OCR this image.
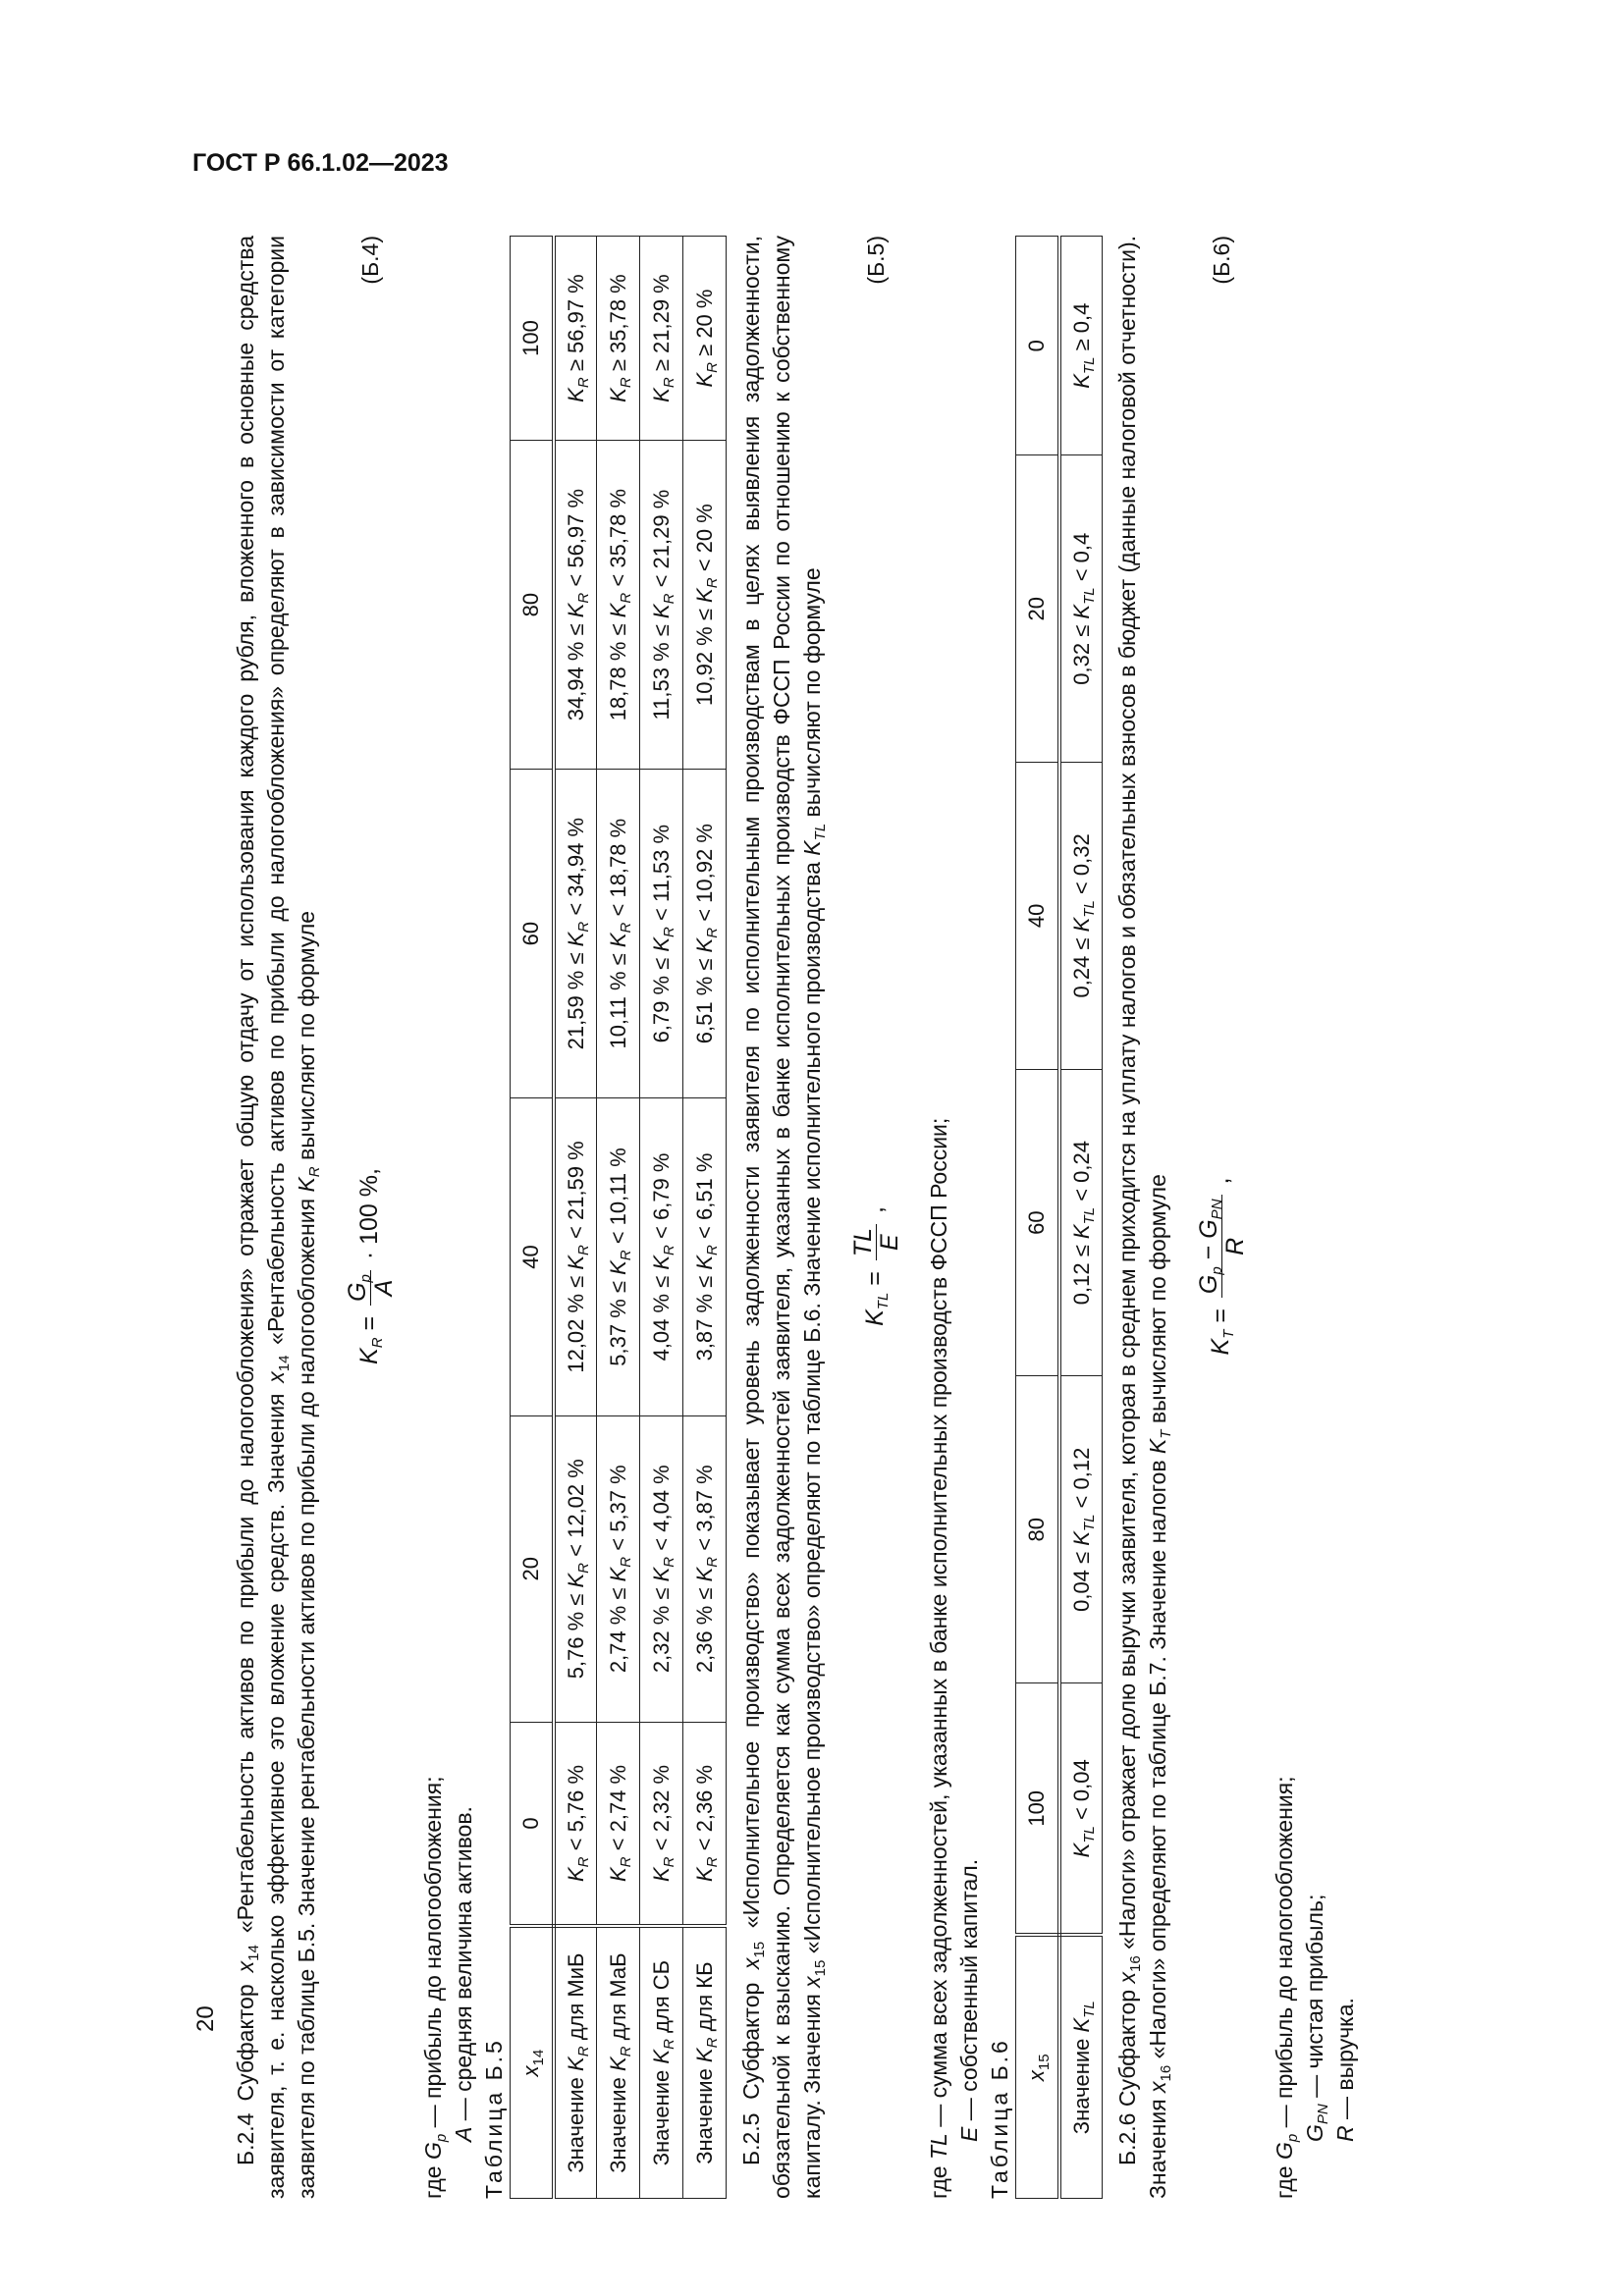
ГОСТ Р 66.1.02—2023
20 Б.2.4 Субфактор $x_{14}$ «Рентабельность активов по прибыли до налогообложения» отражает общую отдачу от использования каждого рубля, вложенного в основные средства заявителя, т. е. насколько эффективное это вложение средств. Значения $x_{14}$ «Рентабельность активов по прибыли до налогообложения» определяют в зависимости от категории заявителя по таблице Б.5. Значение рентабельности активов по прибыли до налогообложения $K_R$ вычисляют по формуле

$K_R$ =
$G_p$
A
· 100 %,
(Б.4)

где $G_p$ — прибыль до налогообложения;

A — средняя величина активов. Таблица Б.5 $x_{14}$	0	20	40	60	80	100
Значение $K_R$ для МиБ	$K_R < 5,76$ %	5,76 % ≤ $K_R < 12,02$ %	12,02 % ≤ $K_R < 21,59$ %	21,59 % ≤ $K_R < 34,94$ %	34,94 % ≤ $K_R < 56,97$ %	$K_R \ge 56,97$ %
Значение $K_R$ для МаБ	$K_R < 2,74$ %	2,74 % ≤ $K_R < 5,37$ %	5,37 % ≤ $K_R < 10,11$ %	10,11 % ≤ $K_R < 18,78$ %	18,78 % ≤ $K_R < 35,78$ %	$K_R \ge 35,78$ %
Значение $K_R$ для СБ	$K_R < 2,32$ %	2,32 % ≤ $K_R < 4,04$ %	4,04 % ≤ $K_R < 6,79$ %	6,79 % ≤ $K_R < 11,53$ %	11,53 % ≤ $K_R < 21,29$ %	$K_R \ge 21,29$ %
Значение $K_R$ для КБ	$K_R < 2,36$ %	2,36 % ≤ $K_R < 3,87$ %	3,87 % ≤ $K_R < 6,51$ %	6,51 % ≤ $K_R < 10,92$ %	10,92 % ≤ $K_R < 20$ %	$K_R \ge 20$ %

Б.2.5 Субфактор $x_{15}$ «Исполнительное производство» показывает уровень задолженности заявителя по исполнительным производствам в целях выявления задолженности, обязательной к взысканию. Определяется как сумма всех задолженностей заявителя, указанных в банке исполнительных производств ФССП России по отношению к собственному капиталу. Значения $x_{15}$ «Исполнительное производство» определяют по таблице Б.6. Значение исполнительного производства $K_{TL}$ вычисляют по формуле

$K_{TL}$ =
TL E
,
(Б.5)

где TL — сумма всех задолженностей, указанных в банке исполнительных производств ФССП России;

E — собственный капитал. Таблица Б.6 $x_{15}$	100	80	60	40	20	0
Значение $K_{TL}$	$K_{TL} < 0,04$	$0,04 \le K_{TL} < 0,12$	$0,12 \le K_{TL} < 0,24$	$0,24 \le K_{TL} < 0,32$	$0,32 \le K_{TL} < 0,4$	$K_{TL} \ge 0,4$

Б.2.6 Субфактор $x_{16}$ «Налоги» отражает долю выручки заявителя, которая в среднем приходится на уплату налогов и обязательных взносов в бюджет (данные налоговой отчетности). Значения $x_{16}$ «Налоги» определяют по таблице Б.7. Значение налогов $K_T$ вычисляют по формуле	$K_T$ =
$G_p - G_{PN}$
R
,
(Б.6)

где $G_p$ — прибыль до налогообложения; $G_{PN}$ — чистая прибыль;

R — выручка.
